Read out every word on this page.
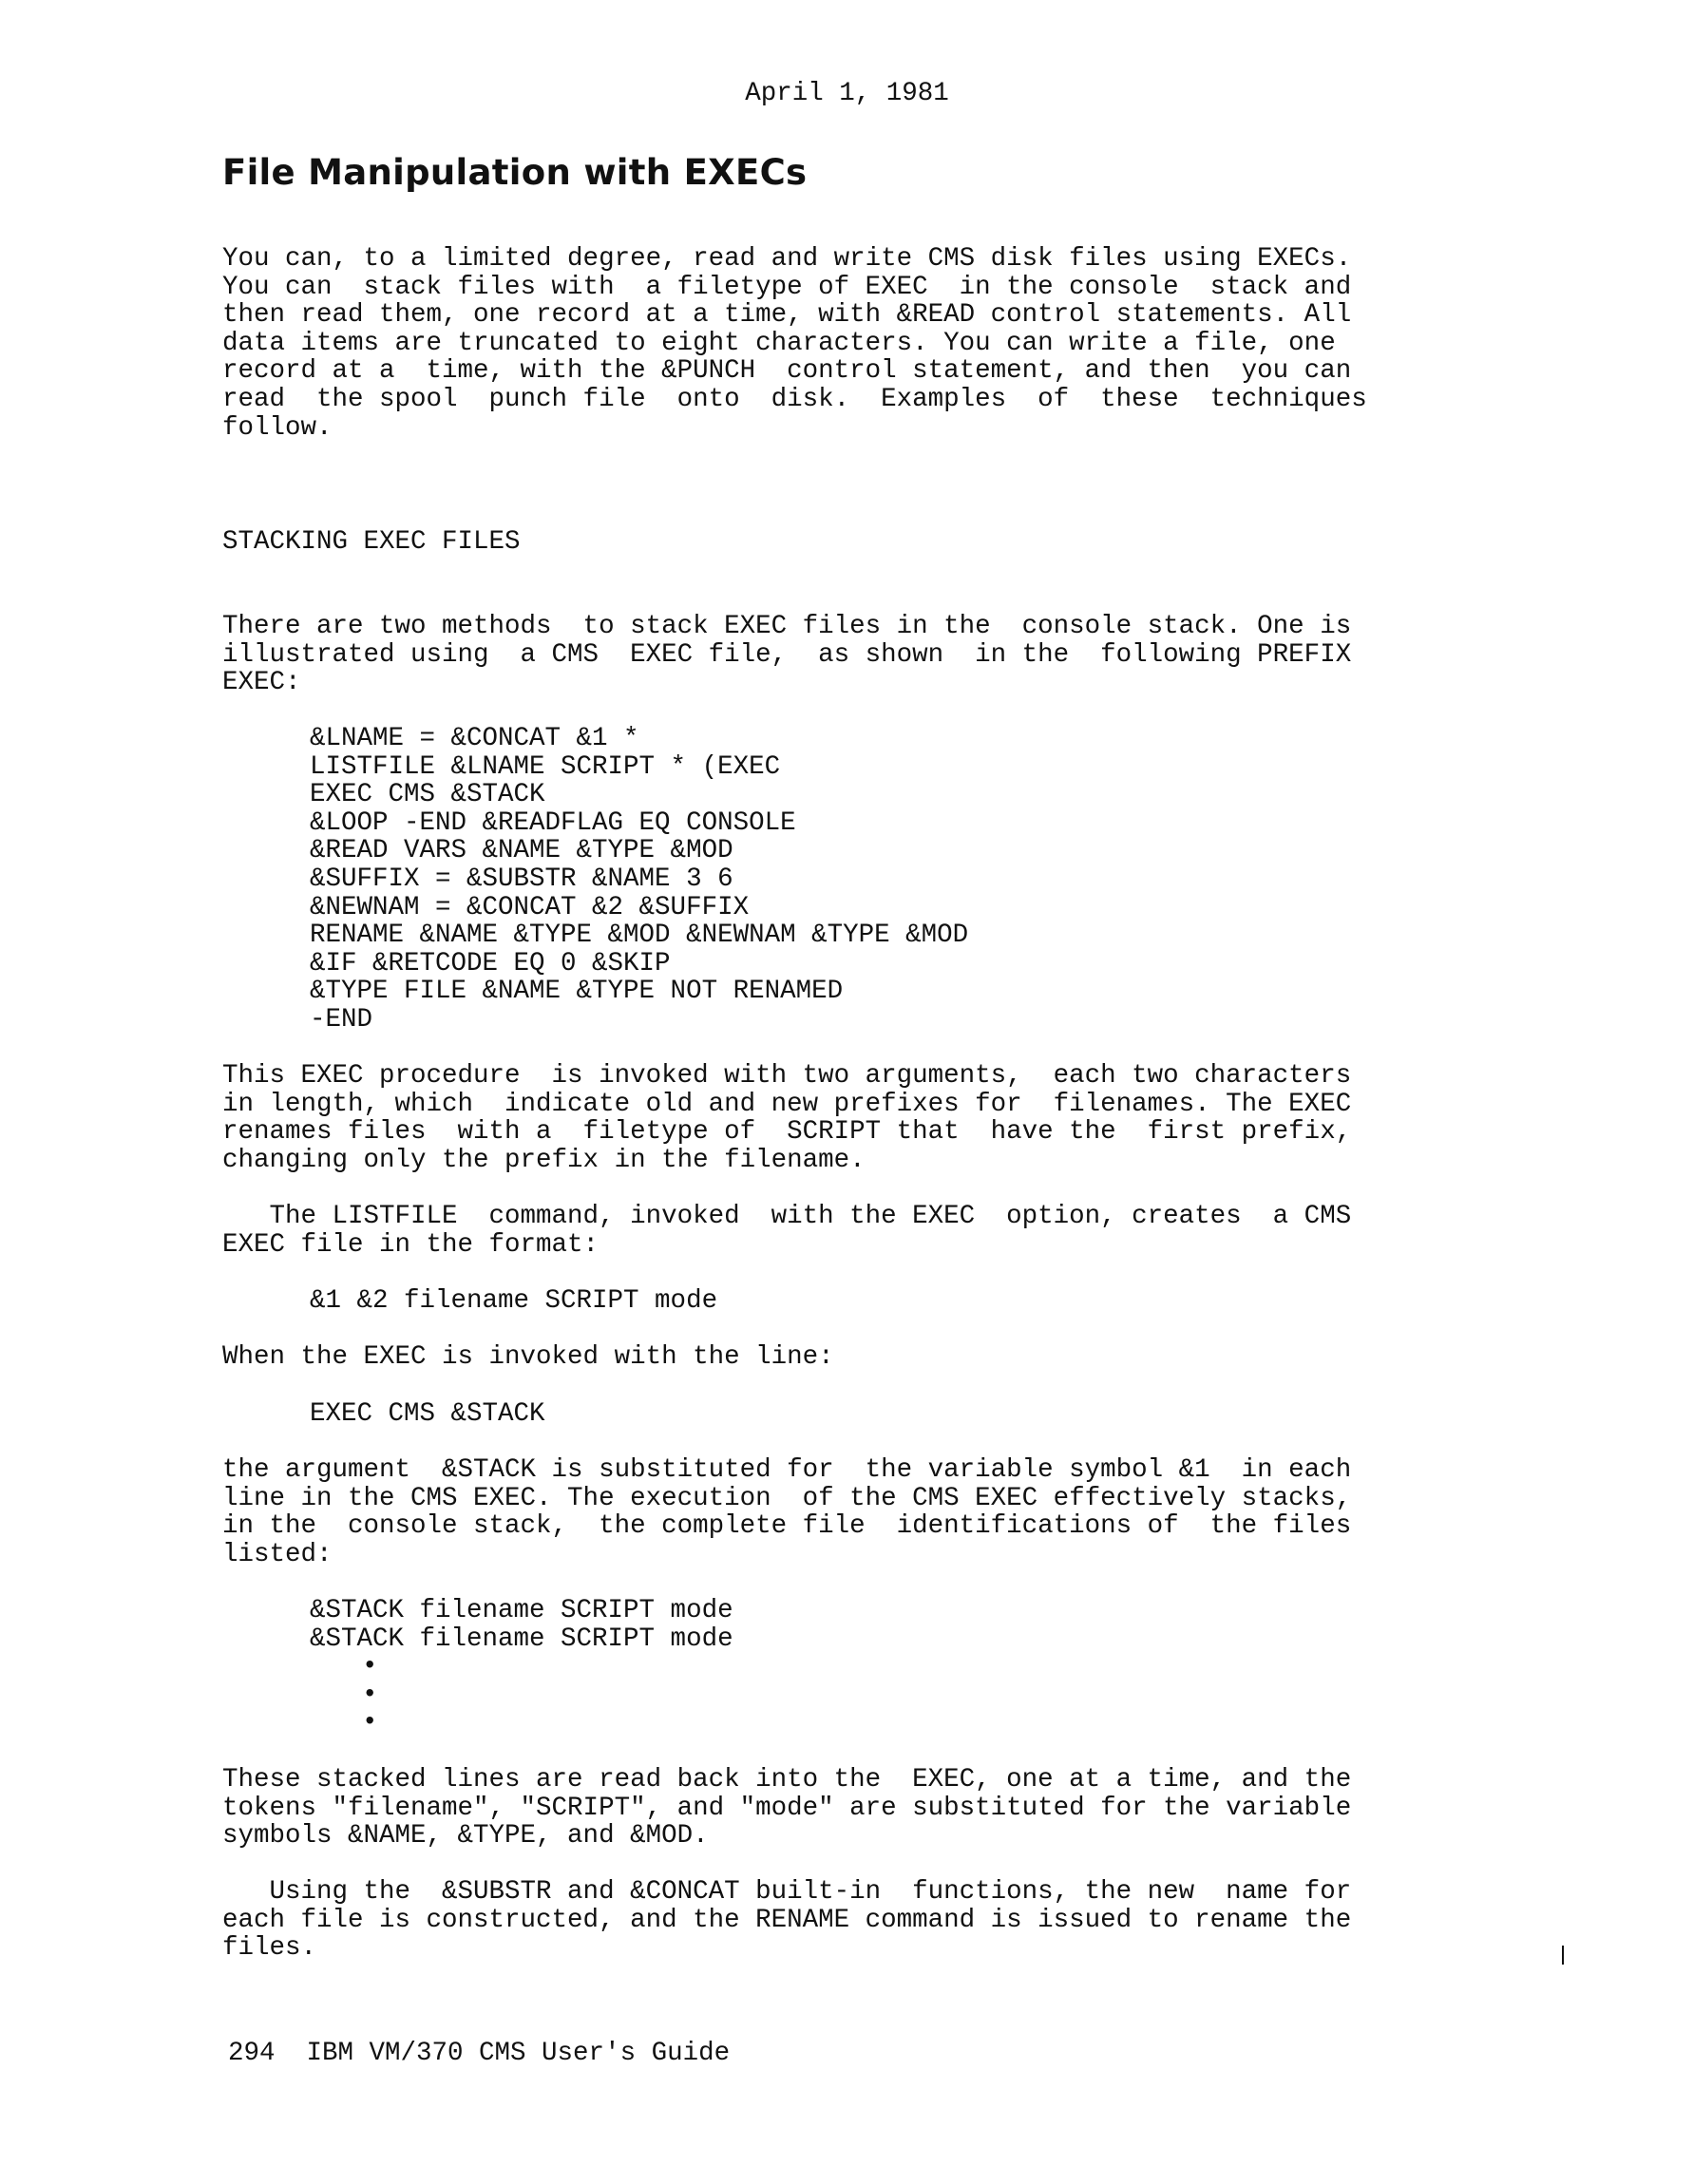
April 1, 1981
File Manipulation with EXECs

You can, to a limited degree, read and write CMS disk files using EXECs.
You can  stack files with  a filetype of EXEC  in the console  stack and
then read them, one record at a time, with &READ control statements. All
data items are truncated to eight characters. You can write a file, one
record at a  time, with the &PUNCH  control statement, and then  you can
read  the spool  punch file  onto  disk.  Examples  of  these  techniques
follow.

STACKING EXEC FILES

There are two methods  to stack EXEC files in the  console stack. One is
illustrated using  a CMS  EXEC file,  as shown  in the  following PREFIX
EXEC:

&LNAME = &CONCAT &1 *
LISTFILE &LNAME SCRIPT * (EXEC
EXEC CMS &STACK
&LOOP -END &READFLAG EQ CONSOLE
&READ VARS &NAME &TYPE &MOD
&SUFFIX = &SUBSTR &NAME 3 6
&NEWNAM = &CONCAT &2 &SUFFIX
RENAME &NAME &TYPE &MOD &NEWNAM &TYPE &MOD
&IF &RETCODE EQ 0 &SKIP
&TYPE FILE &NAME &TYPE NOT RENAMED
-END

This EXEC procedure  is invoked with two arguments,  each two characters
in length, which  indicate old and new prefixes for  filenames. The EXEC
renames files  with a  filetype of  SCRIPT that  have the  first prefix,
changing only the prefix in the filename.

The LISTFILE  command, invoked  with the EXEC  option, creates  a CMS
EXEC file in the format:

&1 &2 filename SCRIPT mode

When the EXEC is invoked with the line:

EXEC CMS &STACK

the argument  &STACK is substituted for  the variable symbol &1  in each
line in the CMS EXEC. The execution  of the CMS EXEC effectively stacks,
in the  console stack,  the complete file  identifications of  the files
listed:

&STACK filename SCRIPT mode
&STACK filename SCRIPT mode
•
•
•

These stacked lines are read back into the  EXEC, one at a time, and the
tokens "filename", "SCRIPT", and "mode" are substituted for the variable
symbols &NAME, &TYPE, and &MOD.

Using the  &SUBSTR and &CONCAT built-in  functions, the new  name for
each file is constructed, and the RENAME command is issued to rename the
files.

294  IBM VM/370 CMS User's Guide
